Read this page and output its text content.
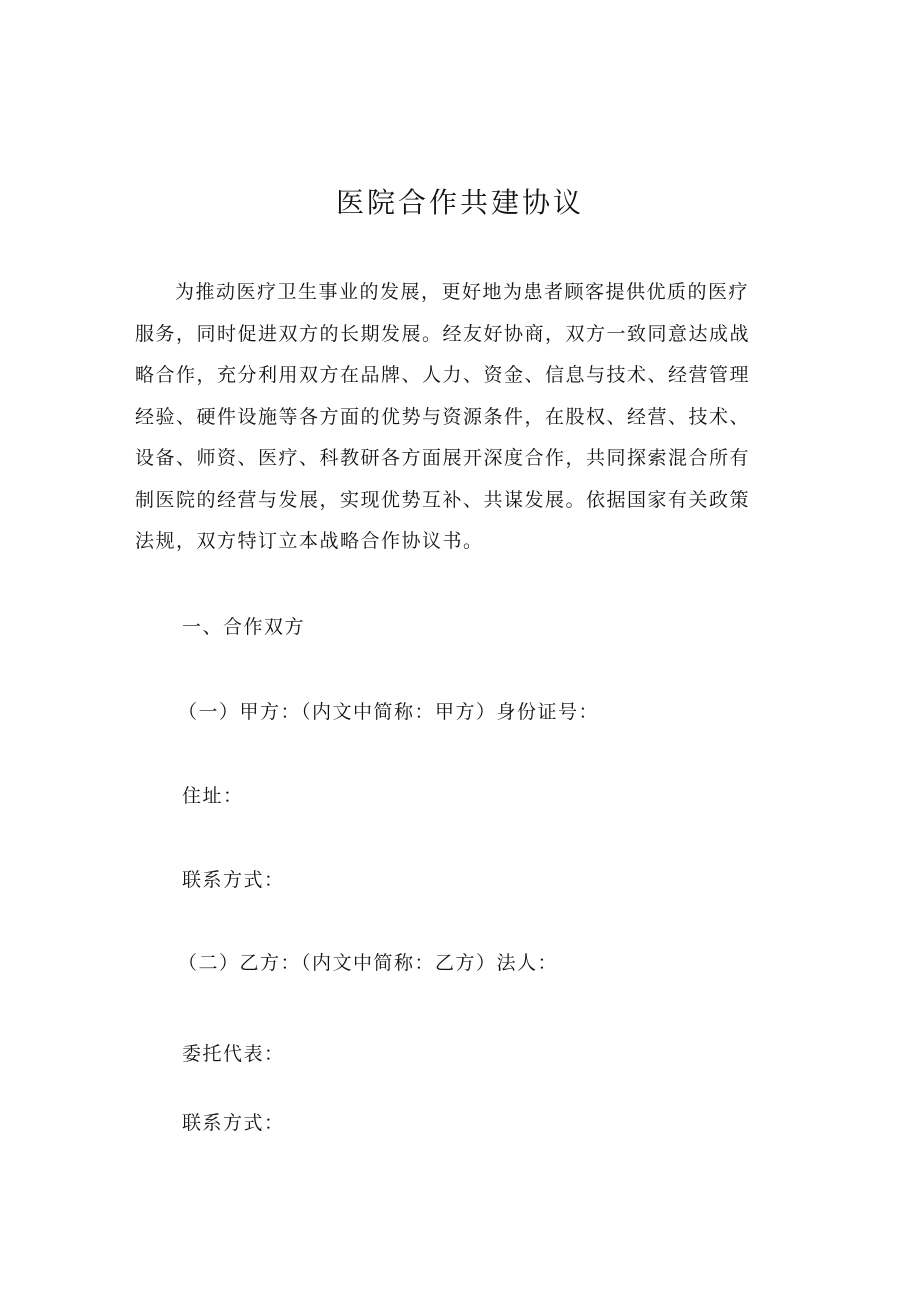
医院合作共建协议

为推动医疗卫生事业的发展，更好地为患者顾客提供优质的医疗
服务，同时促进双方的长期发展。经友好协商，双方一致同意达成战
略合作，充分利用双方在品牌、人力、资金、信息与技术、经营管理
经验、硬件设施等各方面的优势与资源条件，在股权、经营、技术、
设备、师资、医疗、科教研各方面展开深度合作，共同探索混合所有
制医院的经营与发展，实现优势互补、共谋发展。依据国家有关政策
法规，双方特订立本战略合作协议书。

一、合作双方
（一）甲方：（内文中简称：甲方）身份证号：
住址：
联系方式：
（二）乙方：（内文中简称：乙方）法人：
委托代表：
联系方式：
